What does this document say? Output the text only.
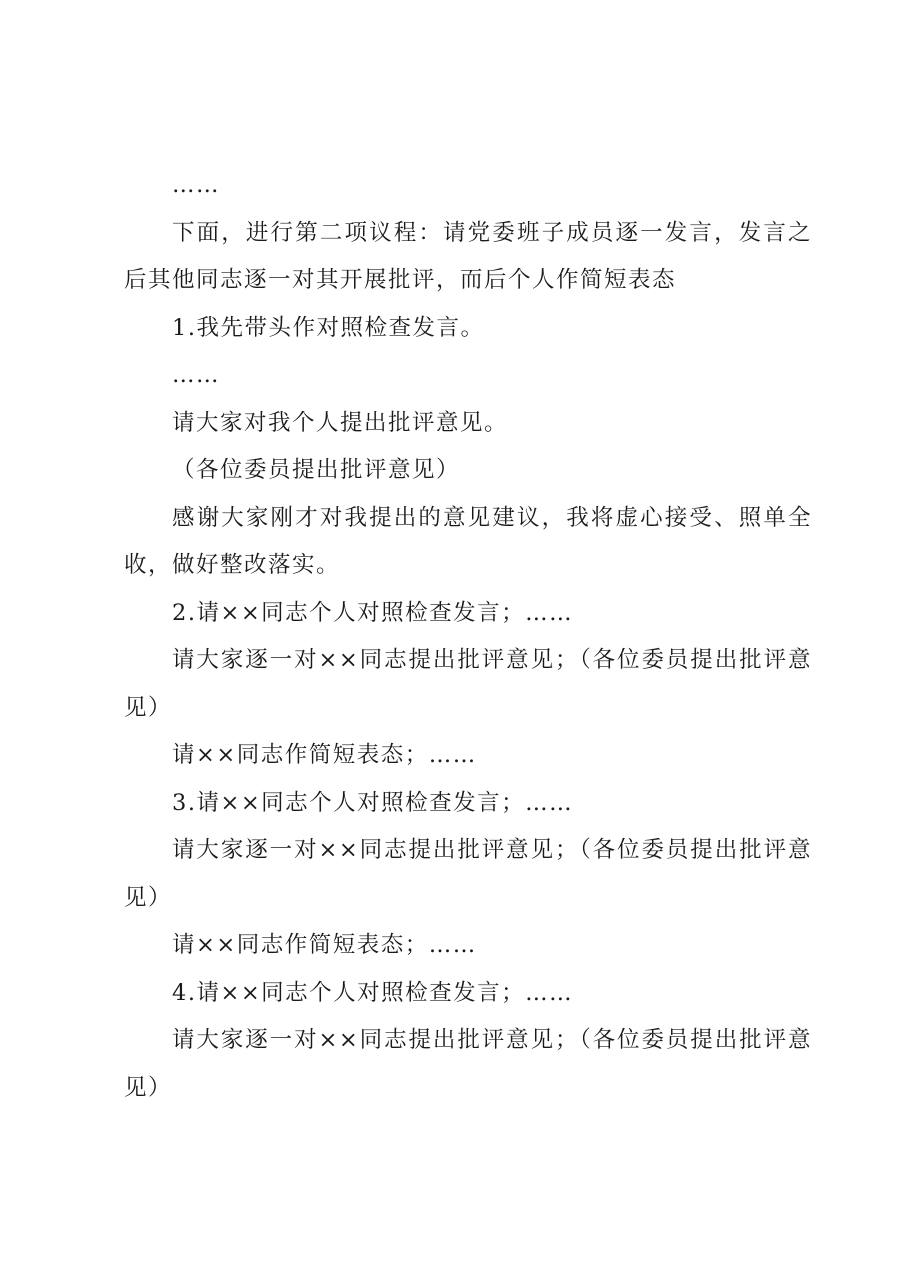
……

下面，进行第二项议程：请党委班子成员逐一发言，发言之后其他同志逐一对其开展批评，而后个人作简短表态

1.我先带头作对照检查发言。

……

请大家对我个人提出批评意见。

（各位委员提出批评意见）

感谢大家刚才对我提出的意见建议，我将虚心接受、照单全收，做好整改落实。

2.请××同志个人对照检查发言；……

请大家逐一对××同志提出批评意见；（各位委员提出批评意见）

请××同志作简短表态；……

3.请××同志个人对照检查发言；……

请大家逐一对××同志提出批评意见；（各位委员提出批评意见）

请××同志作简短表态；……

4.请××同志个人对照检查发言；……

请大家逐一对××同志提出批评意见；（各位委员提出批评意见）
